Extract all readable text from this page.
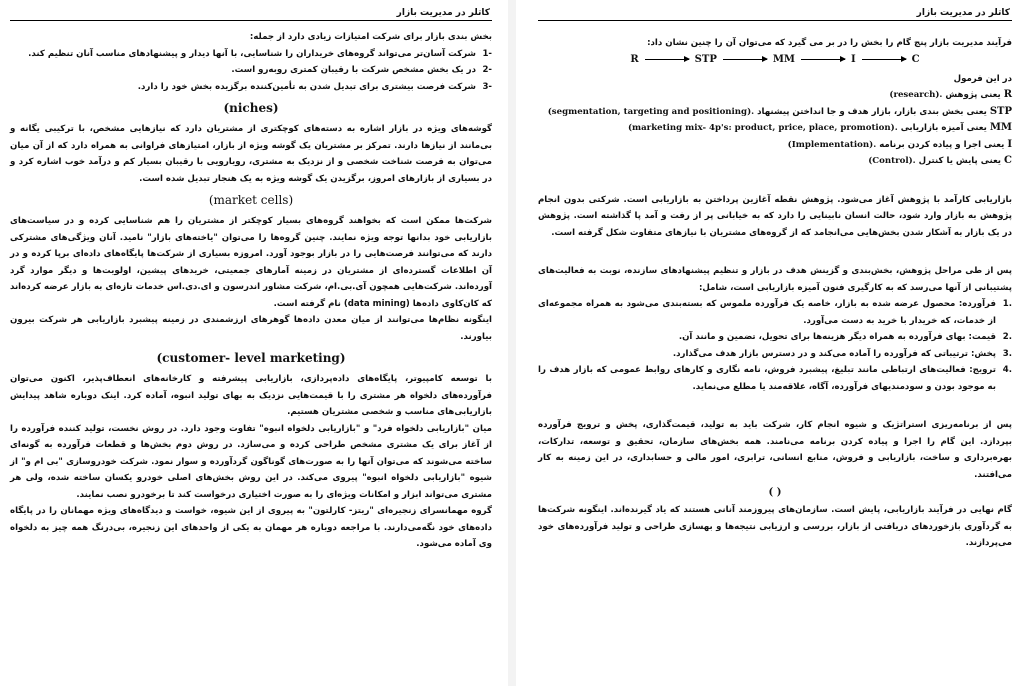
کاتلر در مدیریت بازار

بخش بندی بازار برای شرکت امتیازات زیادی دارد از جمله:

-1
شرکت آسان‌تر می‌تواند گروه‌های خریداران را شناسایی، با آنها دیدار و پیشنهادهای مناسب آنان تنظیم کند.
-2
در یک بخش مشخص شرکت با رقیبان کمتری روبه‌رو است.
-3
شرکت فرصت بیشتری برای تبدیل شدن به تأمین‌کننده برگزیده بخش خود را دارد.
(niches)

گوشه‌های ویژه در بازار اشاره به دسته‌های کوچکتری از مشتریان دارد که نیازهایی مشخص، با ترکیبی یگانه و بی‌مانند از نیازها دارند. تمرکز بر مشتریان یک گوشه ویژه از بازار، امتیازهای فراوانی به همراه دارد که از آن میان می‌توان به فرصت شناخت شخصی و از نزدیک به مشتری، رویارویی با رقیبان بسیار کم و درآمد خوب اشاره کرد و در بسیاری از بازارهای امروز، برگزیدن یک گوشه ویژه به یک هنجار تبدیل شده است.

(market cells)

شرکت‌ها ممکن است که بخواهند گروه‌های بسیار کوچکتر از مشتریان را هم شناسایی کرده و در سیاست‌های بازاریابی خود بدانها توجه ویژه نمایند. چنین گروه‌ها را می‌توان "یاخته‌های بازار" نامید. آنان ویژگی‌های مشترکی دارند که می‌توانند فرصت‌هایی را در بازار بوجود آورد. امروزه بسیاری از شرکت‌ها پایگاه‌های داده‌ای برپا کرده و در آن اطلاعات گسترده‌ای از مشتریان در زمینه آمارهای جمعیتی، خریدهای پیشین، اولویت‌ها و دیگر موارد گرد آورده‌اند. شرکت‌هایی همچون آی.بی.ام، شرکت مشاور اندرسون و ای.دی.اس خدمات تازه‌ای به بازار عرضه کرده‌اند که کان‌کاوی داده‌ها (data mining) نام گرفته است.

اینگونه نظام‌ها می‌توانند از میان معدن داده‌ها گوهرهای ارزشمندی در زمینه پیشبرد بازاریابی هر شرکت بیرون بیاورند.

(customer- level marketing)

با توسعه کامپیوتر، پایگاه‌های داده‌پردازی، بازاریابی پیشرفته و کارخانه‌های انعطاف‌پذیر، اکنون می‌توان فرآورده‌های دلخواه هر مشتری را با قیمت‌هایی نزدیک به بهای تولید انبوه، آماده کرد. اینک دوباره شاهد پیدایش بازاریابی‌های مناسب و شخصی مشتریان هستیم.

میان "بازاریابی دلخواه فرد" و "بازاریابی دلخواه انبوه" تفاوت وجود دارد. در روش نخست، تولید کننده فرآورده را از آغاز برای یک مشتری مشخص طراحی کرده و می‌سازد. در روش دوم بخش‌ها و قطعات فرآورده به گونه‌ای ساخته می‌شوند که می‌توان آنها را به صورت‌های گوناگون گردآورده و سوار نمود. شرکت خودروسازی "بی ام و" از شیوه "بازاریابی دلخواه انبوه" پیروی می‌کند. در این روش بخش‌های اصلی خودرو یکسان ساخته شده، ولی هر مشتری می‌تواند ابزار و امکانات ویژه‌ای را به صورت اختیاری درخواست کند تا برخودرو نصب نمایند.

گروه مهمانسرای زنجیره‌ای "ریتز- کارلتون" به پیروی از این شیوه، خواست و دیدگاه‌های ویژه مهمانان را در پایگاه داده‌های خود نگه‌می‌دارند. با مراجعه دوباره هر مهمان به یکی از واحدهای این زنجیره، بی‌درنگ همه چیز به دلخواه وی آماده می‌شود.

کاتلر در مدیریت بازار

فرآیند مدیریت بازار پنج گام را بخش را در بر می گیرد که می‌توان آن را چنین نشان داد:

R	STP	MM	I	C

در این فرمول

R یعنی پژوهش (research).
STP یعنی بخش بندی بازار، بازار هدف و جا انداختن پیشنهاد (segmentation, targeting and positioning).
MM یعنی آمیزه بازاریابی (marketing mix- 4p's: product, price, place, promotion).
I یعنی اجرا و پیاده کردن برنامه (Implementation).
C یعنی پایش یا کنترل (Control).

بازاریابی کارآمد با پژوهش آغاز می‌شود. پژوهش نقطه آغازین پرداختن به بازاریابی است. شرکتی بدون انجام پژوهش به بازار وارد شود، حالت انسان نابینایی را دارد که به خیابانی پر از رفت و آمد پا گذاشته است. پژوهش در یک بازار به آشکار شدن بخش‌هایی می‌انجامد که از گروه‌های مشتریان با نیازهای متفاوت شکل گرفته است.

پس از طی مراحل پژوهش، بخش‌بندی و گزینش هدف در بازار و تنظیم پیشنهادهای سازنده، نوبت به فعالیت‌های پشتیبانی از آنها می‌رسد که به کارگیری فنون آمیزه بازاریابی است، شامل:

.1
فرآورده: محصول عرضه شده به بازار، خاصه یک فرآورده ملموس که بسته‌بندی می‌شود به همراه مجموعه‌ای از خدمات، که خریدار با خرید به دست می‌آورد.
.2
قیمت: بهای فرآورده به همراه دیگر هزینه‌ها برای تحویل، تضمین و مانند آن.
.3
پخش: ترتیباتی که فرآورده را آماده می‌کند و در دسترس بازار هدف می‌گذارد.
.4
ترویج: فعالیت‌های ارتباطی مانند تبلیغ، پیشبرد فروش، نامه نگاری و کارهای روابط عمومی که بازار هدف را به موجود بودن و سودمندیهای فرآورده، آگاه، علاقه‌مند یا مطلع می‌نماید.

پس از برنامه‌ریزی استراتژیک و شیوه انجام کار، شرکت باید به تولید، قیمت‌گذاری، پخش و ترویج فرآورده بپردازد. این گام را اجرا و پیاده کردن برنامه می‌نامند. همه بخش‌های سازمان، تحقیق و توسعه، تدارکات، بهره‌برداری و ساخت، بازاریابی و فروش، منابع انسانی، ترابری، امور مالی و حسابداری، در این زمینه به کار می‌افتند.

( )

گام نهایی در فرآیند بازاریابی، پایش است. سازمان‌های پیروزمند آنانی هستند که یاد گیرنده‌اند. اینگونه شرکت‌ها به گردآوری بازخوردهای دریافتی از بازار، بررسی و ارزیابی نتیجه‌ها و بهسازی طراحی و تولید فرآورده‌های خود می‌پردازند.
